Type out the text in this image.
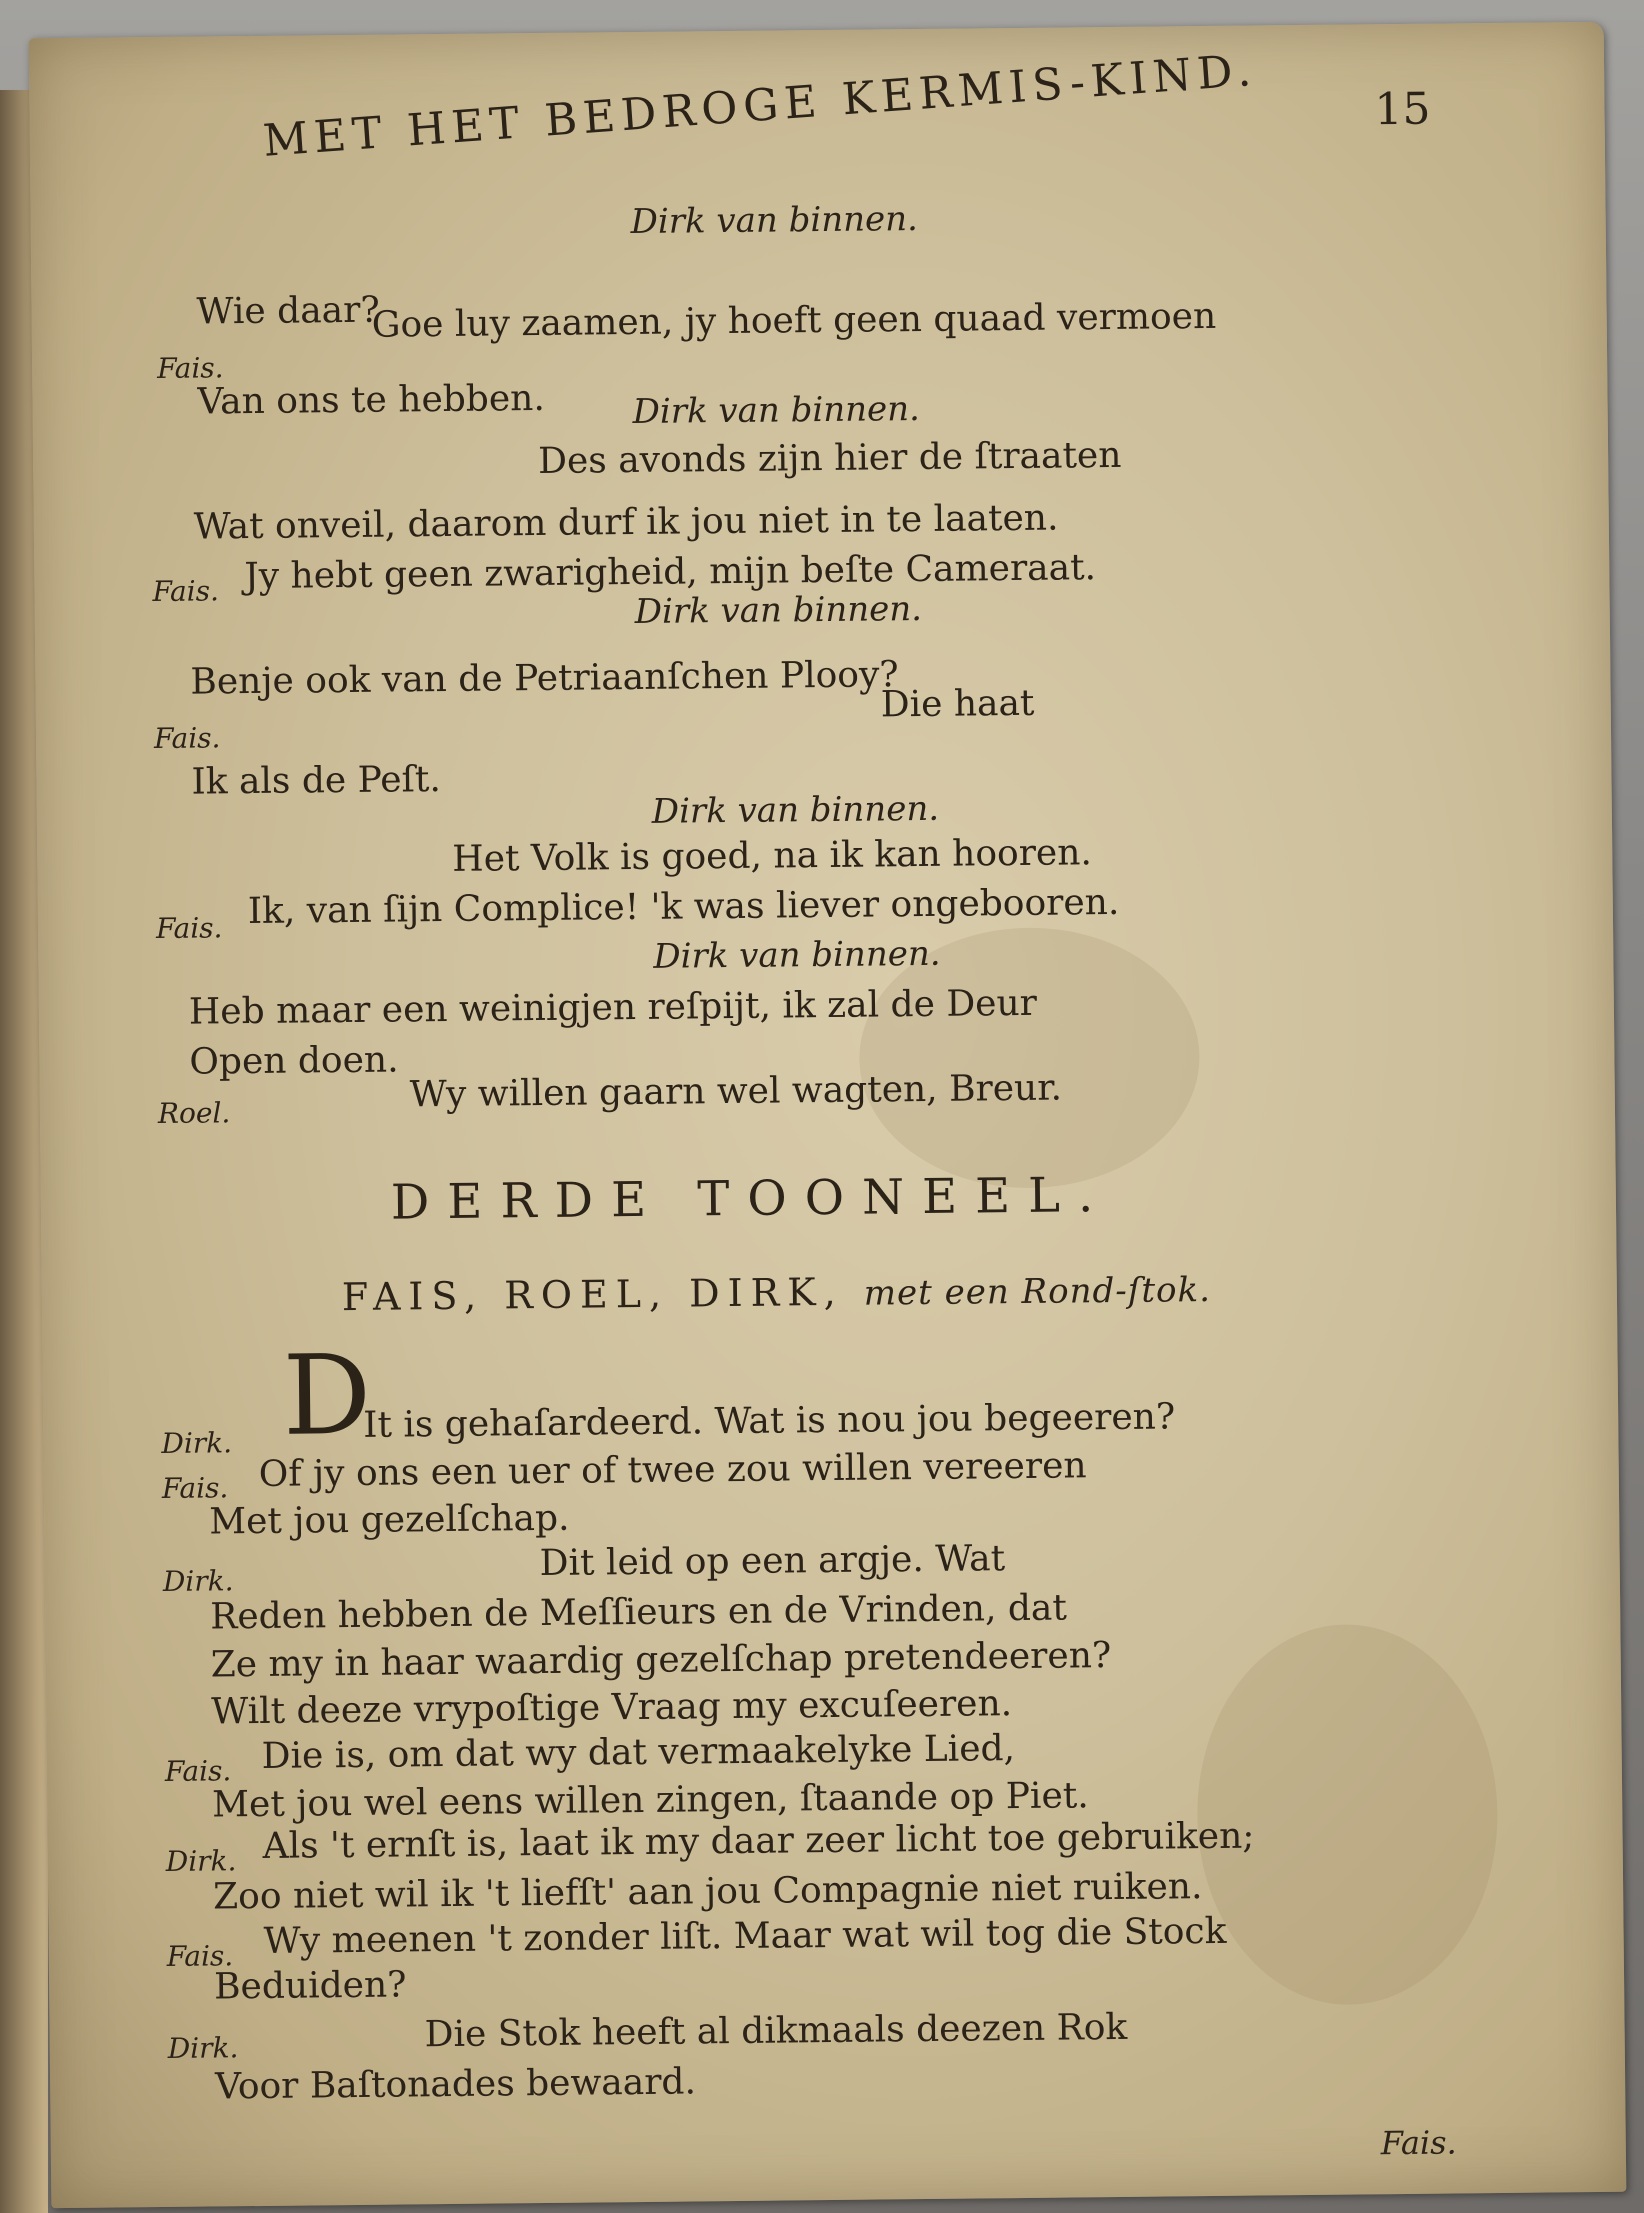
MET HET BEDROGE KERMIS-KIND.	15
Dirk van binnen.
Wie daar?
Fais.
Goe luy zaamen, jy hoeft geen quaad vermoen
Van ons te hebben.	Dirk van binnen.
Des avonds zijn hier de ſtraaten
Wat onveil, daarom durf ik jou niet in te laaten.
Fais. Jy hebt geen zwarigheid, mijn beſte Cameraat.
Dirk van binnen.
Benje ook van de Petriaanſchen Plooy?
Die haat
Fais.
Ik als de Peſt.
Dirk van binnen.
Het Volk is goed, na ik kan hooren.
Fais. Ik, van ſijn Complice! 'k was liever ongebooren.
Dirk van binnen.
Heb maar een weinigjen reſpijt, ik zal de Deur
Open doen.
Roel.	Wy willen gaarn wel wagten, Breur.
DERDE TOONEEL.
FAIS, ROEL, DIRK, met een Rond-ſtok.
Dirk. D
It is gehaſardeerd. Wat is nou jou begeeren?
Fais. Of jy ons een uer of twee zou willen vereeren
Met jou gezelſchap.
Dirk.	Dit leid op een argje. Wat
Reden hebben de Meſſieurs en de Vrinden, dat
Ze my in haar waardig gezelſchap pretendeeren?
Wilt deeze vrypoſtige Vraag my excuſeeren.
Fais. Die is, om dat wy dat vermaakelyke Lied,
Met jou wel eens willen zingen, ſtaande op Piet.
Dirk. Als 't ernſt is, laat ik my daar zeer licht toe gebruiken;
Zoo niet wil ik 't liefſt' aan jou Compagnie niet ruiken.
Fais. Wy meenen 't zonder liſt. Maar wat wil tog die Stock
Beduiden?
Dirk.	Die Stok heeft al dikmaals deezen Rok
Voor Baſtonades bewaard.
Fais.
